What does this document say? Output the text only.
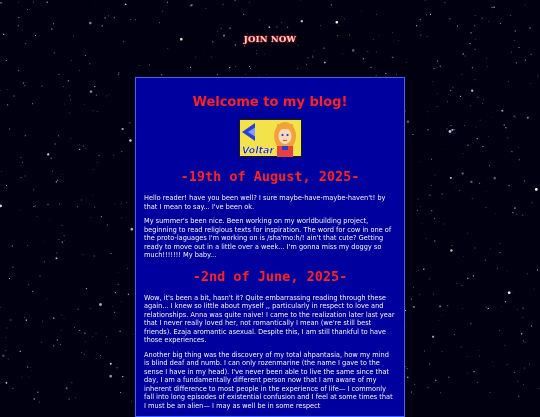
JOIN NOW
Welcome to my blog!
Voltar
-19th of August, 2025-

Hello reader! have you been well? I sure maybe-have-maybe-haven't! by that I mean to say... I've been ok.

My summer's been nice. Been working on my worldbuilding project, beginning to read religious texts for inspiration. The word for cow in one of the proto-laguages I'm working on is /sha'mo:h/! ain't that cute? Getting ready to move out in a little over a week... I'm gonna miss my doggy so much!!!!!!! My baby...

-2nd of June, 2025-

Wow, it's been a bit, hasn't it? Quite embarrassing reading through these again... I knew so little about myself ,, particularly in respect to love and relationships. Anna was quite naive! I came to the realization later last year that I never really loved her, not romantically I mean (we're still best friends). Ezaja aromantic asexual. Despite this, I am still thankful to have those experiences.

Another big thing was the discovery of my total ahpantasia, how my mind is blind deaf and numb. I can only rozenmarine (the name I gave to the sense I have in my head). I've never been able to live the same since that day, I am a fundamentally different person now that I am aware of my inherent difference to most people in the experience of life— I commonly fall into long episodes of existential confusion and I feel at some times that I must be an alien— I may as well be in some respect
